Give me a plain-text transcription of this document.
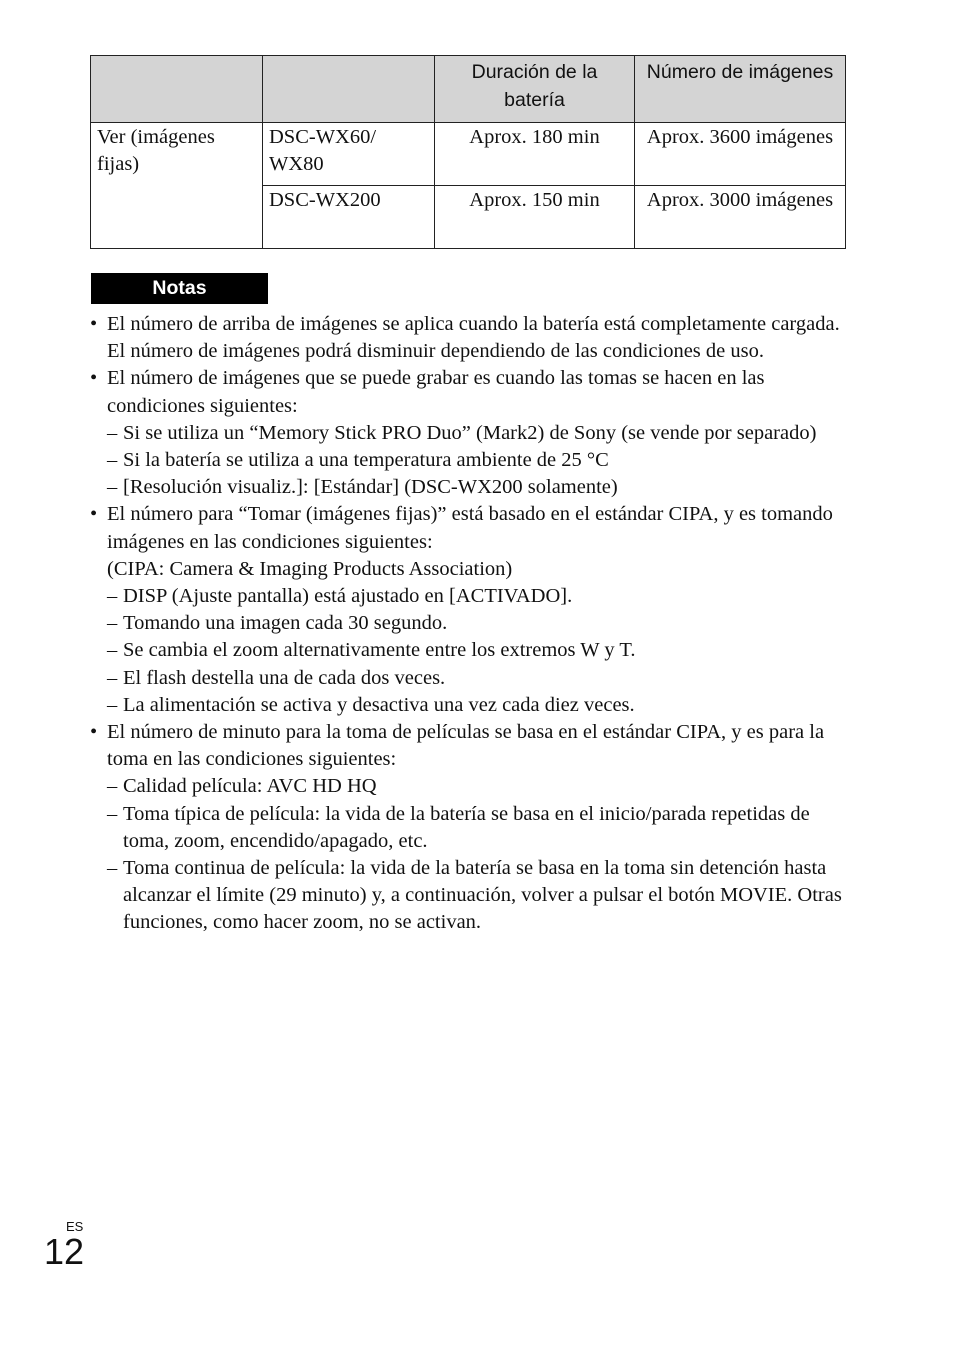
		Duración de la batería	Número de imágenes
Ver (imágenes fijas)	DSC-WX60/ WX80	Aprox. 180 min	Aprox. 3600 imágenes
	DSC-WX200	Aprox. 150 min	Aprox. 3000 imágenes
Notas
• El número de arriba de imágenes se aplica cuando la batería está completamente cargada. El número de imágenes podrá disminuir dependiendo de las condiciones de uso.
• El número de imágenes que se puede grabar es cuando las tomas se hacen en las condiciones siguientes:
– Si se utiliza un “Memory Stick PRO Duo” (Mark2) de Sony (se vende por separado)
– Si la batería se utiliza a una temperatura ambiente de 25 °C
– [Resolución visualiz.]: [Estándar] (DSC-WX200 solamente)
• El número para “Tomar (imágenes fijas)” está basado en el estándar CIPA, y es tomando imágenes en las condiciones siguientes:
(CIPA: Camera & Imaging Products Association)
– DISP (Ajuste pantalla) está ajustado en [ACTIVADO].
– Tomando una imagen cada 30 segundo.
– Se cambia el zoom alternativamente entre los extremos W y T.
– El flash destella una de cada dos veces.
– La alimentación se activa y desactiva una vez cada diez veces.
• El número de minuto para la toma de películas se basa en el estándar CIPA, y es para la toma en las condiciones siguientes:
– Calidad película: AVC HD HQ
– Toma típica de película: la vida de la batería se basa en el inicio/parada repetidas de toma, zoom, encendido/apagado, etc.
– Toma continua de película: la vida de la batería se basa en la toma sin detención hasta alcanzar el límite (29 minuto) y, a continuación, volver a pulsar el botón MOVIE. Otras funciones, como hacer zoom, no se activan.
ES
12
